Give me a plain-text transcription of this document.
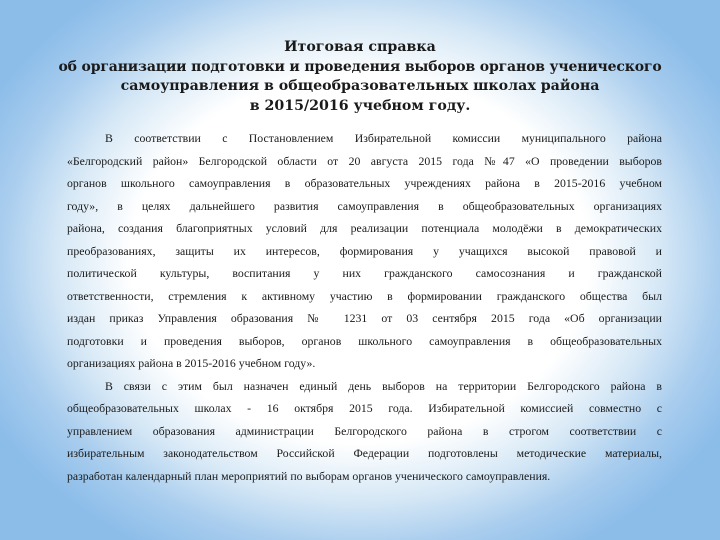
Итоговая справка
об организации подготовки и проведения выборов органов ученического
самоуправления в общеобразовательных школах района
в 2015/2016 учебном году.
В соответствии с Постановлением Избирательной комиссии муниципального района
«Белгородский район» Белгородской области от 20 августа 2015 года №47 «О проведении выборов
органов школьного самоуправления в образовательных учреждениях района в 2015-2016 учебном
году», в целях дальнейшего развития самоуправления в общеобразовательных организациях
района, создания благоприятных условий для реализации потенциала молодёжи в демократических
преобразованиях, защиты их интересов, формирования у учащихся высокой правовой и
политической культуры, воспитания у них гражданского самосознания и гражданской
ответственности, стремления к активному участию в формировании гражданского общества был
издан приказ Управления образования № 1231 от 03 сентября 2015 года «Об организации
подготовки и проведения выборов, органов школьного самоуправления в общеобразовательных
организациях района в 2015-2016 учебном году».
В связи с этим был назначен единый день выборов на территории Белгородского района в
общеобразовательных школах - 16 октября 2015 года. Избирательной комиссией совместно с
управлением образования администрации Белгородского района в строгом соответствии с
избирательным законодательством Российской Федерации подготовлены методические материалы,
разработан календарный план мероприятий по выборам органов ученического самоуправления.
